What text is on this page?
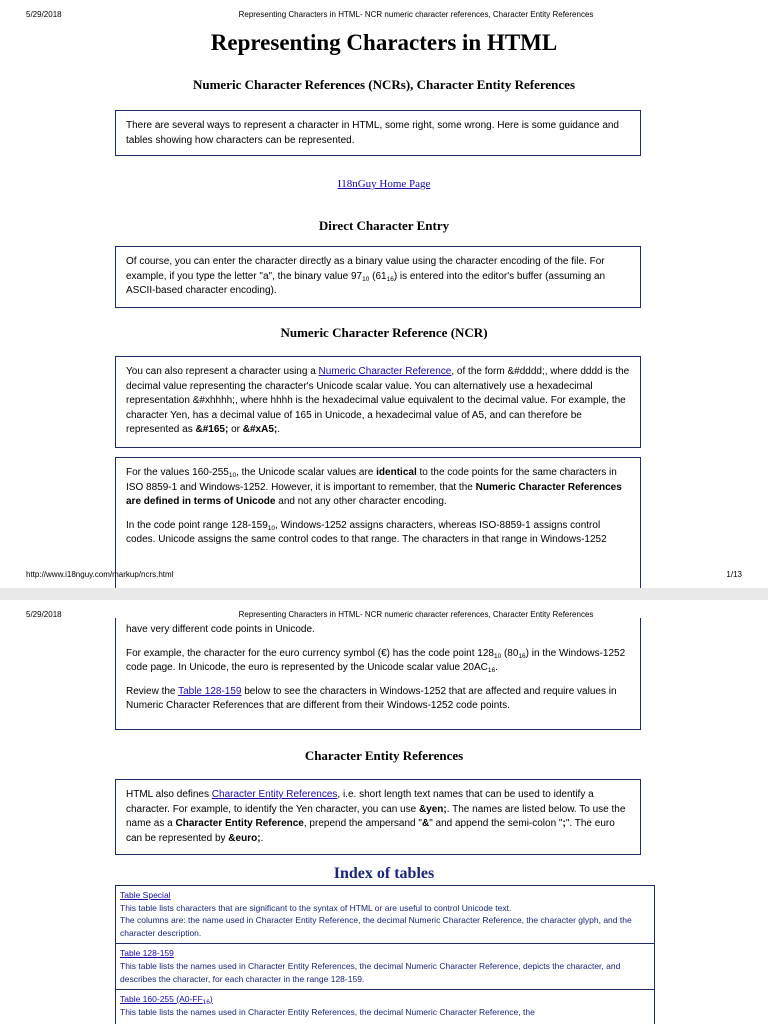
5/29/2018	Representing Characters in HTML- NCR numeric character references, Character Entity References
Representing Characters in HTML
Numeric Character References (NCRs), Character Entity References

There are several ways to represent a character in HTML, some right, some wrong. Here is some guidance and tables showing how characters can be represented.

I18nGuy Home Page
Direct Character Entry

Of course, you can enter the character directly as a binary value using the character encoding of the file. For example, if you type the letter "a", the binary value $97_{10}$ $(61_{16})$ is entered into the editor's buffer (assuming an ASCII-based character encoding).

Numeric Character Reference (NCR)

You can also represent a character using a Numeric Character Reference, of the form &#dddd;, where dddd is the decimal value representing the character's Unicode scalar value. You can alternatively use a hexadecimal representation &#xhhhh;, where hhhh is the hexadecimal value equivalent to the decimal value. For example, the character Yen, has a decimal value of 165 in Unicode, a hexadecimal value of A5, and can therefore be represented as &#165; or &#xA5;.

For the values $160-255_{10}$, the Unicode scalar values are identical to the code points for the same characters in ISO 8859-1 and Windows-1252. However, it is important to remember, that the Numeric Character References are defined in terms of Unicode and not any other character encoding.

In the code point range $128-159_{10}$, Windows-1252 assigns characters, whereas ISO-8859-1 assigns control codes. Unicode assigns the same control codes to that range. The characters in that range in Windows-1252

http://www.i18nguy.com/markup/ncrs.html	1/13
5/29/2018	Representing Characters in HTML- NCR numeric character references, Character Entity References

have very different code points in Unicode.

For example, the character for the euro currency symbol (€) has the code point $128_{10}$ $(80_{16})$ in the Windows-1252 code page. In Unicode, the euro is represented by the Unicode scalar value $20AC_{16}$.

Review the Table 128-159 below to see the characters in Windows-1252 that are affected and require values in Numeric Character References that are different from their Windows-1252 code points.

Character Entity References

HTML also defines Character Entity References, i.e. short length text names that can be used to identify a character. For example, to identify the Yen character, you can use &yen;. The names are listed below. To use the name as a Character Entity Reference, prepend the ampersand "&" and append the semi-colon ";". The euro can be represented by &euro;.

Index of tables
Table Special
This table lists characters that are significant to the syntax of HTML or are useful to control Unicode text.
The columns are: the name used in Character Entity Reference, the decimal Numeric Character Reference, the character glyph, and the character description.
Table 128-159
This table lists the names used in Character Entity References, the decimal Numeric Character Reference, depicts the character, and describes the character, for each character in the range 128-159.
Table 160-255 $(A0-FF_{16})$
This table lists the names used in Character Entity References, the decimal Numeric Character Reference, the
